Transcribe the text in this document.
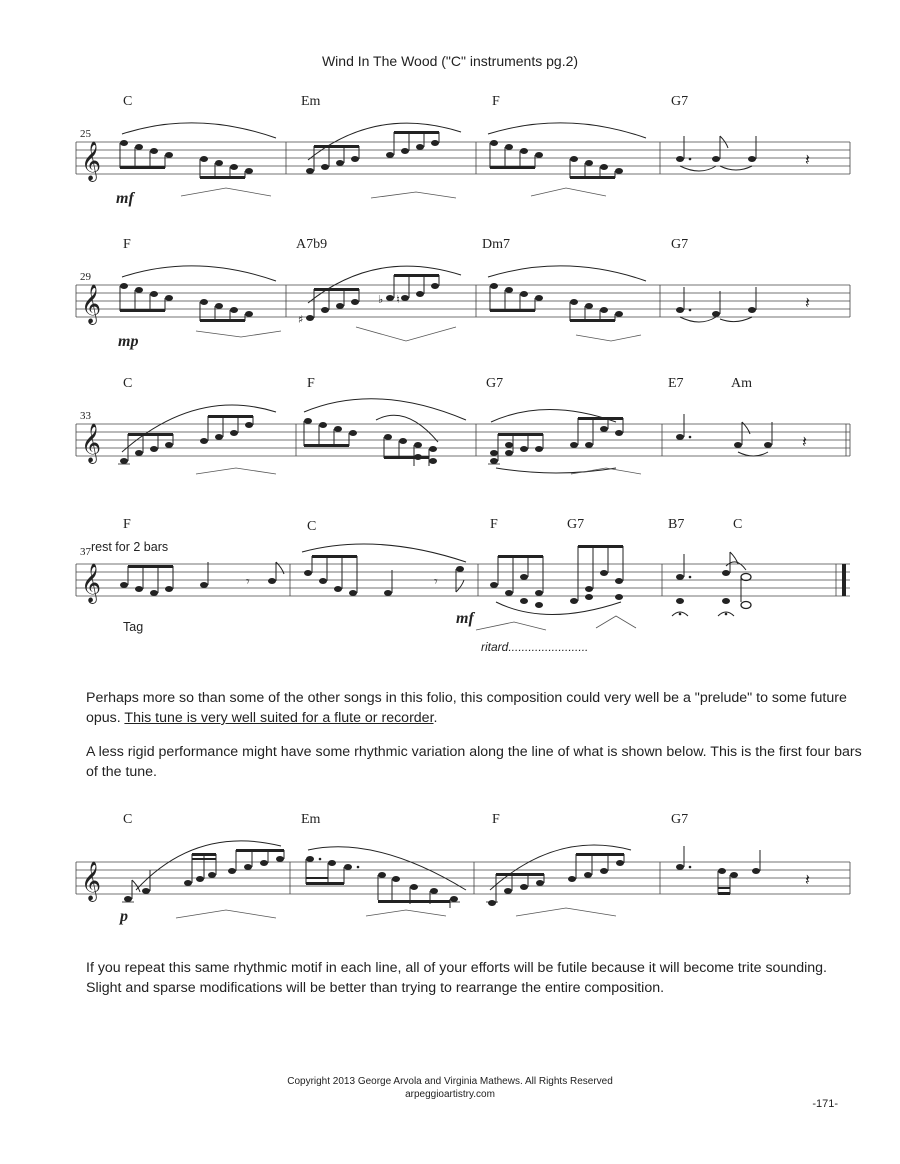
Wind In The Wood ("C" instruments pg.2)
C	Em	F	G7
25
𝄞	𝄽
mf
F	A7b9	Dm7	G7
29
𝄞	♯
♭ ♮	𝄽
mp
C	F	G7	E7	Am
33
𝄞	𝄽
F	C	F	G7	B7	C
37 rest for 2 bars
Tag
ritard........................
𝄞	𝄾	𝄾
mf
Perhaps more so than some of the other songs in this folio, this composition could very well be a "prelude" to some future opus. This tune is very well suited for a flute or recorder.
A less rigid performance might have some rhythmic variation along the line of what is shown below. This is the first four bars of the tune.
C	Em	F	G7
𝄞	𝄽
p
If you repeat this same rhythmic motif in each line, all of your efforts will be futile because it will become trite sounding. Slight and sparse modifications will be better than trying to rearrange the entire composition.
Copyright 2013 George Arvola and Virginia Mathews. All Rights Reserved
arpeggioartistry.com
-171-
